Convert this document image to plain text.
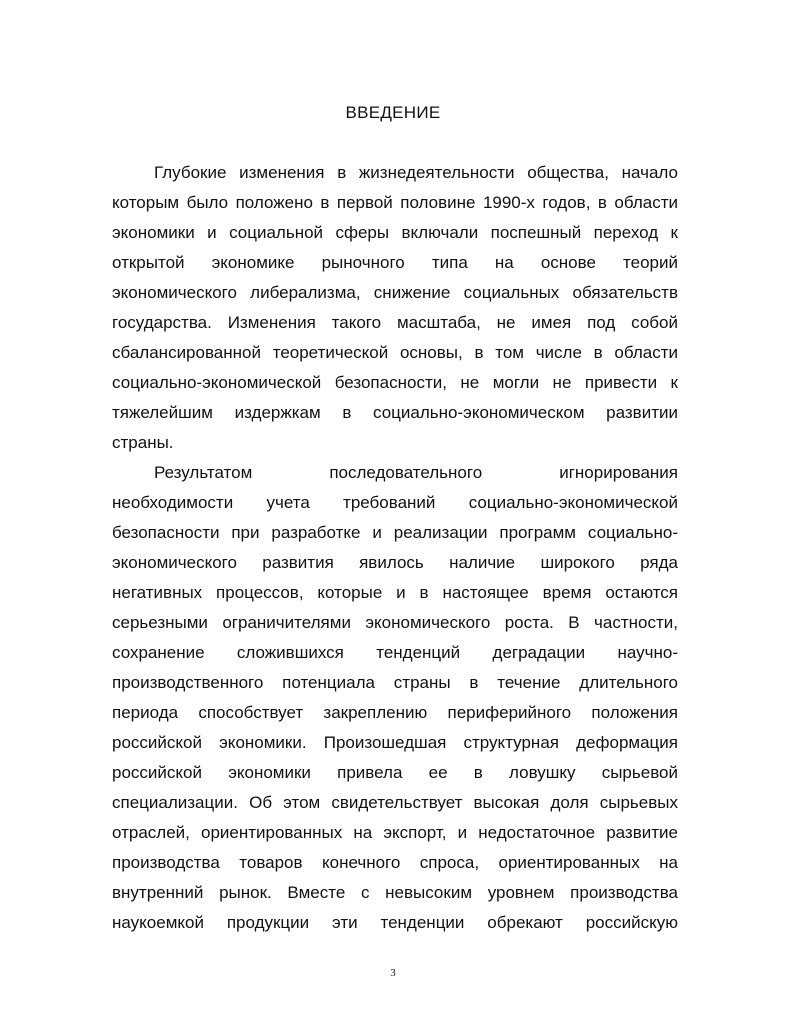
ВВЕДЕНИЕ
Глубокие изменения в жизнедеятельности общества, начало
которым было положено в первой половине 1990-х годов, в области
экономики и социальной сферы включали поспешный переход к
открытой экономике рыночного типа на основе теорий
экономического либерализма, снижение социальных обязательств
государства. Изменения такого масштаба, не имея под собой
сбалансированной теоретической основы, в том числе в области
социально-экономической безопасности, не могли не привести к
тяжелейшим издержкам в социально-экономическом развитии
страны.
Результатом последовательного игнорирования
необходимости учета требований социально-экономической
безопасности при разработке и реализации программ социально-
экономического развития явилось наличие широкого ряда
негативных процессов, которые и в настоящее время остаются
серьезными ограничителями экономического роста. В частности,
сохранение сложившихся тенденций деградации научно-
производственного потенциала страны в течение длительного
периода способствует закреплению периферийного положения
российской экономики. Произошедшая структурная деформация
российской экономики привела ее в ловушку сырьевой
специализации. Об этом свидетельствует высокая доля сырьевых
отраслей, ориентированных на экспорт, и недостаточное развитие
производства товаров конечного спроса, ориентированных на
внутренний рынок. Вместе с невысоким уровнем производства
наукоемкой продукции эти тенденции обрекают российскую
3
